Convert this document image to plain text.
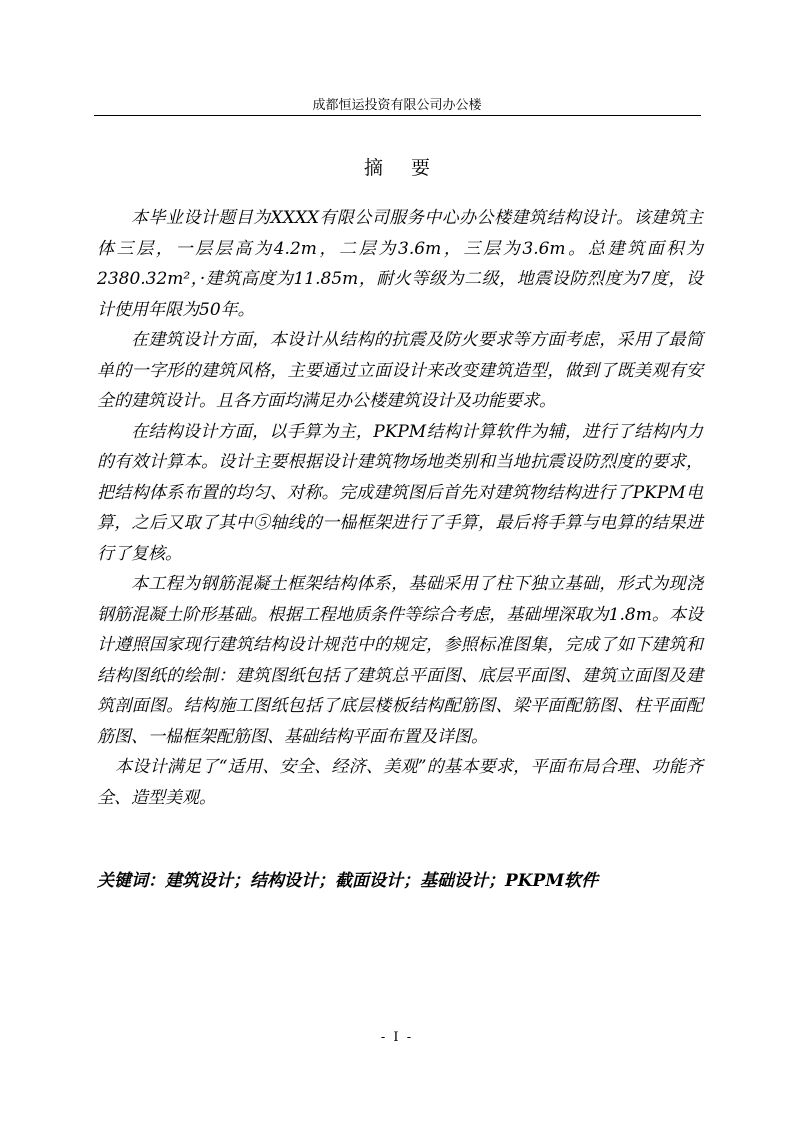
成都恒运投资有限公司办公楼
摘要

本毕业设计题目为XXXX有限公司服务中心办公楼建筑结构设计。该建筑主体三层，一层层高为4.2m，二层为3.6m，三层为3.6m。总建筑面积为2380.32m²，·建筑高度为11.85m，耐火等级为二级，地震设防烈度为7度，设计使用年限为50年。

在建筑设计方面，本设计从结构的抗震及防火要求等方面考虑，采用了最简单的一字形的建筑风格，主要通过立面设计来改变建筑造型，做到了既美观有安全的建筑设计。且各方面均满足办公楼建筑设计及功能要求。

在结构设计方面，以手算为主，PKPM结构计算软件为辅，进行了结构内力的有效计算本。设计主要根据设计建筑物场地类别和当地抗震设防烈度的要求，把结构体系布置的均匀、对称。完成建筑图后首先对建筑物结构进行了PKPM电算，之后又取了其中⑤轴线的一榀框架进行了手算，最后将手算与电算的结果进行了复核。

本工程为钢筋混凝土框架结构体系，基础采用了柱下独立基础，形式为现浇钢筋混凝土阶形基础。根据工程地质条件等综合考虑，基础埋深取为1.8m。本设计遵照国家现行建筑结构设计规范中的规定，参照标准图集，完成了如下建筑和结构图纸的绘制：建筑图纸包括了建筑总平面图、底层平面图、建筑立面图及建筑剖面图。结构施工图纸包括了底层楼板结构配筋图、梁平面配筋图、柱平面配筋图、一榀框架配筋图、基础结构平面布置及详图。

本设计满足了“适用、安全、经济、美观”的基本要求，平面布局合理、功能齐全、造型美观。

关键词：建筑设计；结构设计；截面设计；基础设计；PKPM软件
- I -
